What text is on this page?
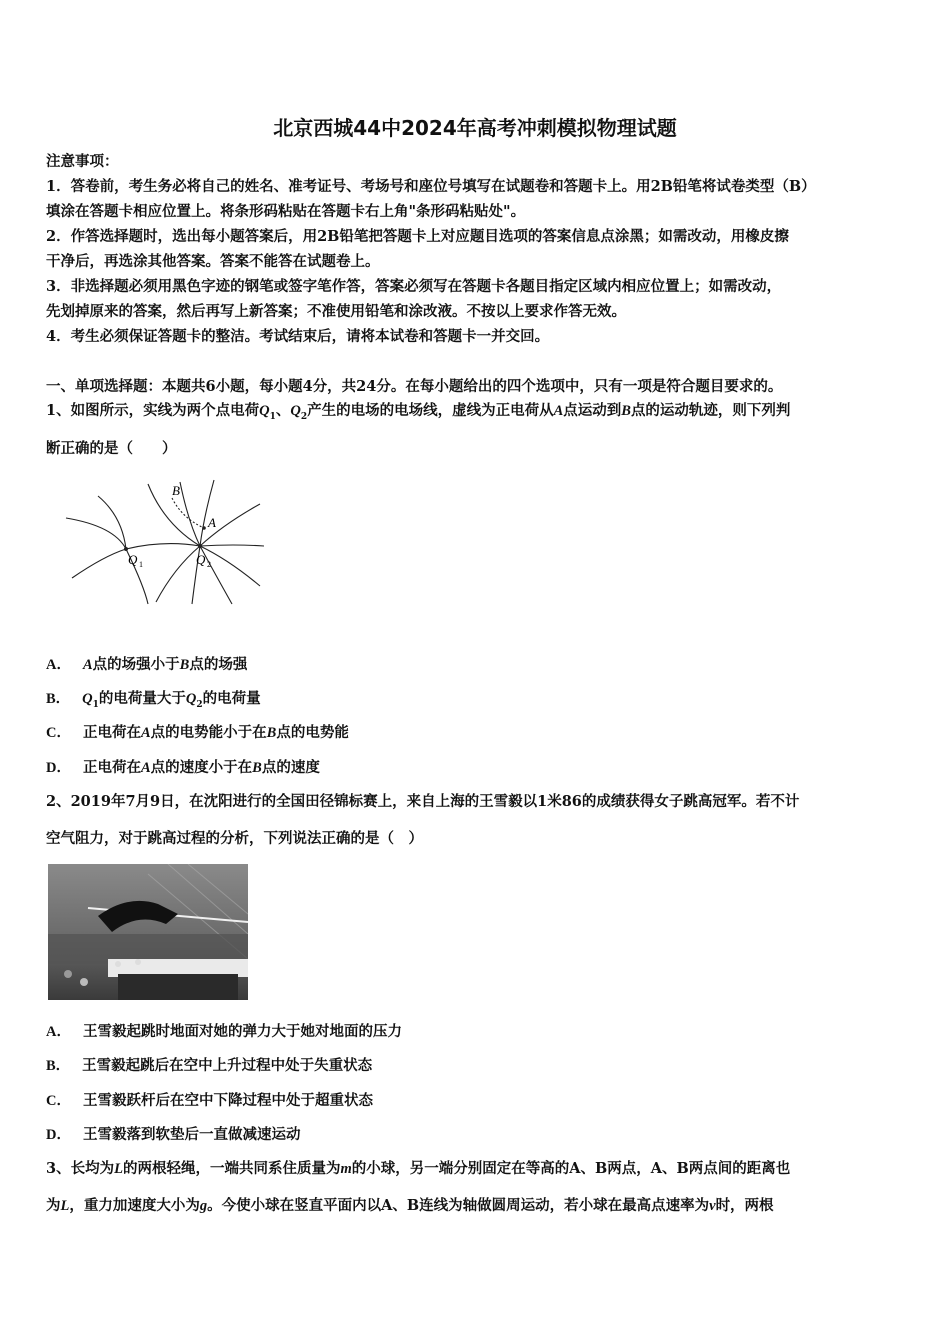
北京西城44中2024年高考冲刺模拟物理试题
注意事项：
1．答卷前，考生务必将自己的姓名、准考证号、考场号和座位号填写在试题卷和答题卡上。用2B铅笔将试卷类型（B）
填涂在答题卡相应位置上。将条形码粘贴在答题卡右上角"条形码粘贴处"。
2．作答选择题时，选出每小题答案后，用2B铅笔把答题卡上对应题目选项的答案信息点涂黑；如需改动，用橡皮擦
干净后，再选涂其他答案。答案不能答在试题卷上。
3．非选择题必须用黑色字迹的钢笔或签字笔作答，答案必须写在答题卡各题目指定区域内相应位置上；如需改动，
先划掉原来的答案，然后再写上新答案；不准使用铅笔和涂改液。不按以上要求作答无效。
4．考生必须保证答题卡的整洁。考试结束后，请将本试卷和答题卡一并交回。
一、单项选择题：本题共6小题，每小题4分，共24分。在每小题给出的四个选项中，只有一项是符合题目要求的。
1、如图所示，实线为两个点电荷$Q_1$、$Q_2$产生的电场的电场线，虚线为正电荷从A点运动到B点的运动轨迹，则下列判
断正确的是（　　）
B
A
Q 1	Q 2
A． A点的场强小于B点的场强
B． $Q_1$的电荷量大于$Q_2$的电荷量
C． 正电荷在A点的电势能小于在B点的电势能
D． 正电荷在A点的速度小于在B点的速度
2、2019年7月9日，在沈阳进行的全国田径锦标赛上，来自上海的王雪毅以1米86的成绩获得女子跳高冠军。若不计
空气阻力，对于跳高过程的分析，下列说法正确的是（　）
A． 王雪毅起跳时地面对她的弹力大于她对地面的压力
B． 王雪毅起跳后在空中上升过程中处于失重状态
C． 王雪毅跃杆后在空中下降过程中处于超重状态
D． 王雪毅落到软垫后一直做减速运动
3、长均为L的两根轻绳，一端共同系住质量为m的小球，另一端分别固定在等高的A、B两点，A、B两点间的距离也
为L，重力加速度大小为g。今使小球在竖直平面内以A、B连线为轴做圆周运动，若小球在最高点速率为v时，两根
